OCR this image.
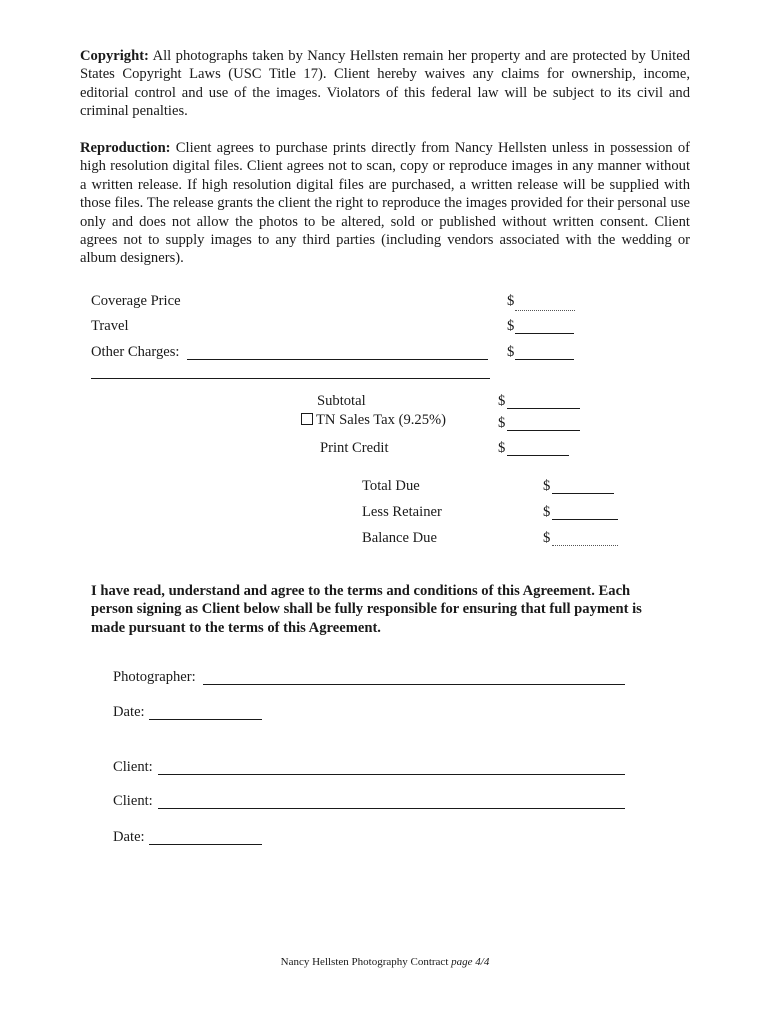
Copyright: All photographs taken by Nancy Hellsten remain her property and are protected by United States Copyright Laws (USC Title 17). Client hereby waives any claims for ownership, income, editorial control and use of the images. Violators of this federal law will be subject to its civil and criminal penalties.
Reproduction: Client agrees to purchase prints directly from Nancy Hellsten unless in possession of high resolution digital files. Client agrees not to scan, copy or reproduce images in any manner without a written release. If high resolution digital files are purchased, a written release will be supplied with those files. The release grants the client the right to reproduce the images provided for their personal use only and does not allow the photos to be altered, sold or published without written consent. Client agrees not to supply images to any third parties (including vendors associated with the wedding or album designers).
Coverage Price	$
Travel	$
Other Charges:	$
Subtotal	$
TN Sales Tax (9.25%)	$
Print Credit	$
Total Due	$
Less Retainer	$
Balance Due	$
I have read, understand and agree to the terms and conditions of this Agreement. Each person signing as Client below shall be fully responsible for ensuring that full payment is made pursuant to the terms of this Agreement.
Photographer:
Date:
Client:
Client:
Date:
Nancy Hellsten Photography Contract page 4/4
